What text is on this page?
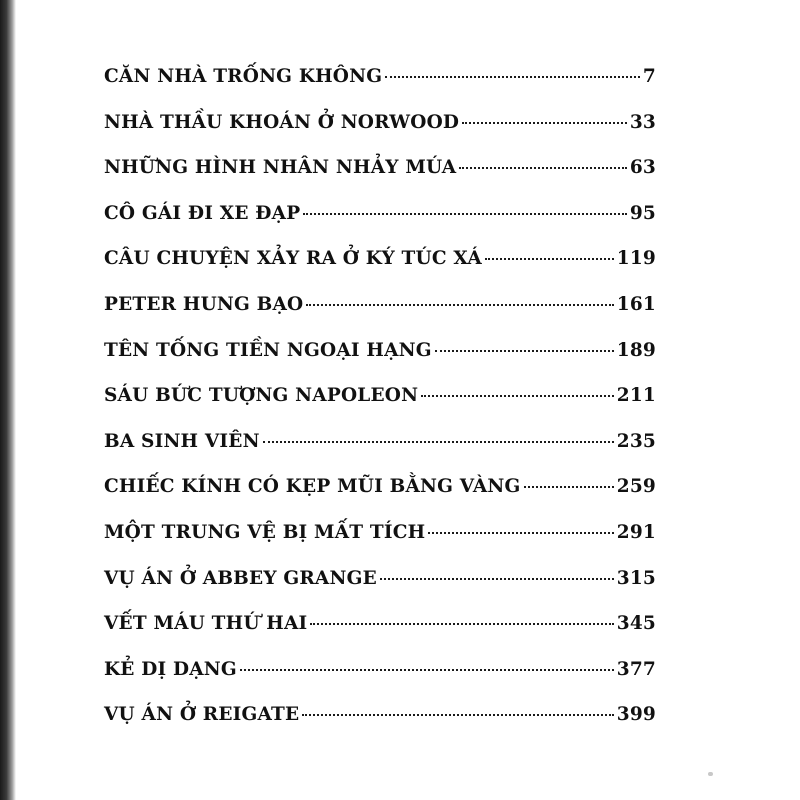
CĂN NHÀ TRỐNG KHÔNG	7
NHÀ THẦU KHOÁN Ở NORWOOD	33
NHỮNG HÌNH NHÂN NHẢY MÚA	63
CÔ GÁI ĐI XE ĐẠP	95
CÂU CHUYỆN XẢY RA Ở KÝ TÚC XÁ	119
PETER HUNG BẠO	161
TÊN TỐNG TIỀN NGOẠI HẠNG	189
SÁU BỨC TƯỢNG NAPOLEON	211
BA SINH VIÊN	235
CHIẾC KÍNH CÓ KẸP MŨI BẰNG VÀNG	259
MỘT TRUNG VỆ BỊ MẤT TÍCH	291
VỤ ÁN Ở ABBEY GRANGE	315
VẾT MÁU THỨ HAI	345
KẺ DỊ DẠNG	377
VỤ ÁN Ở REIGATE	399
